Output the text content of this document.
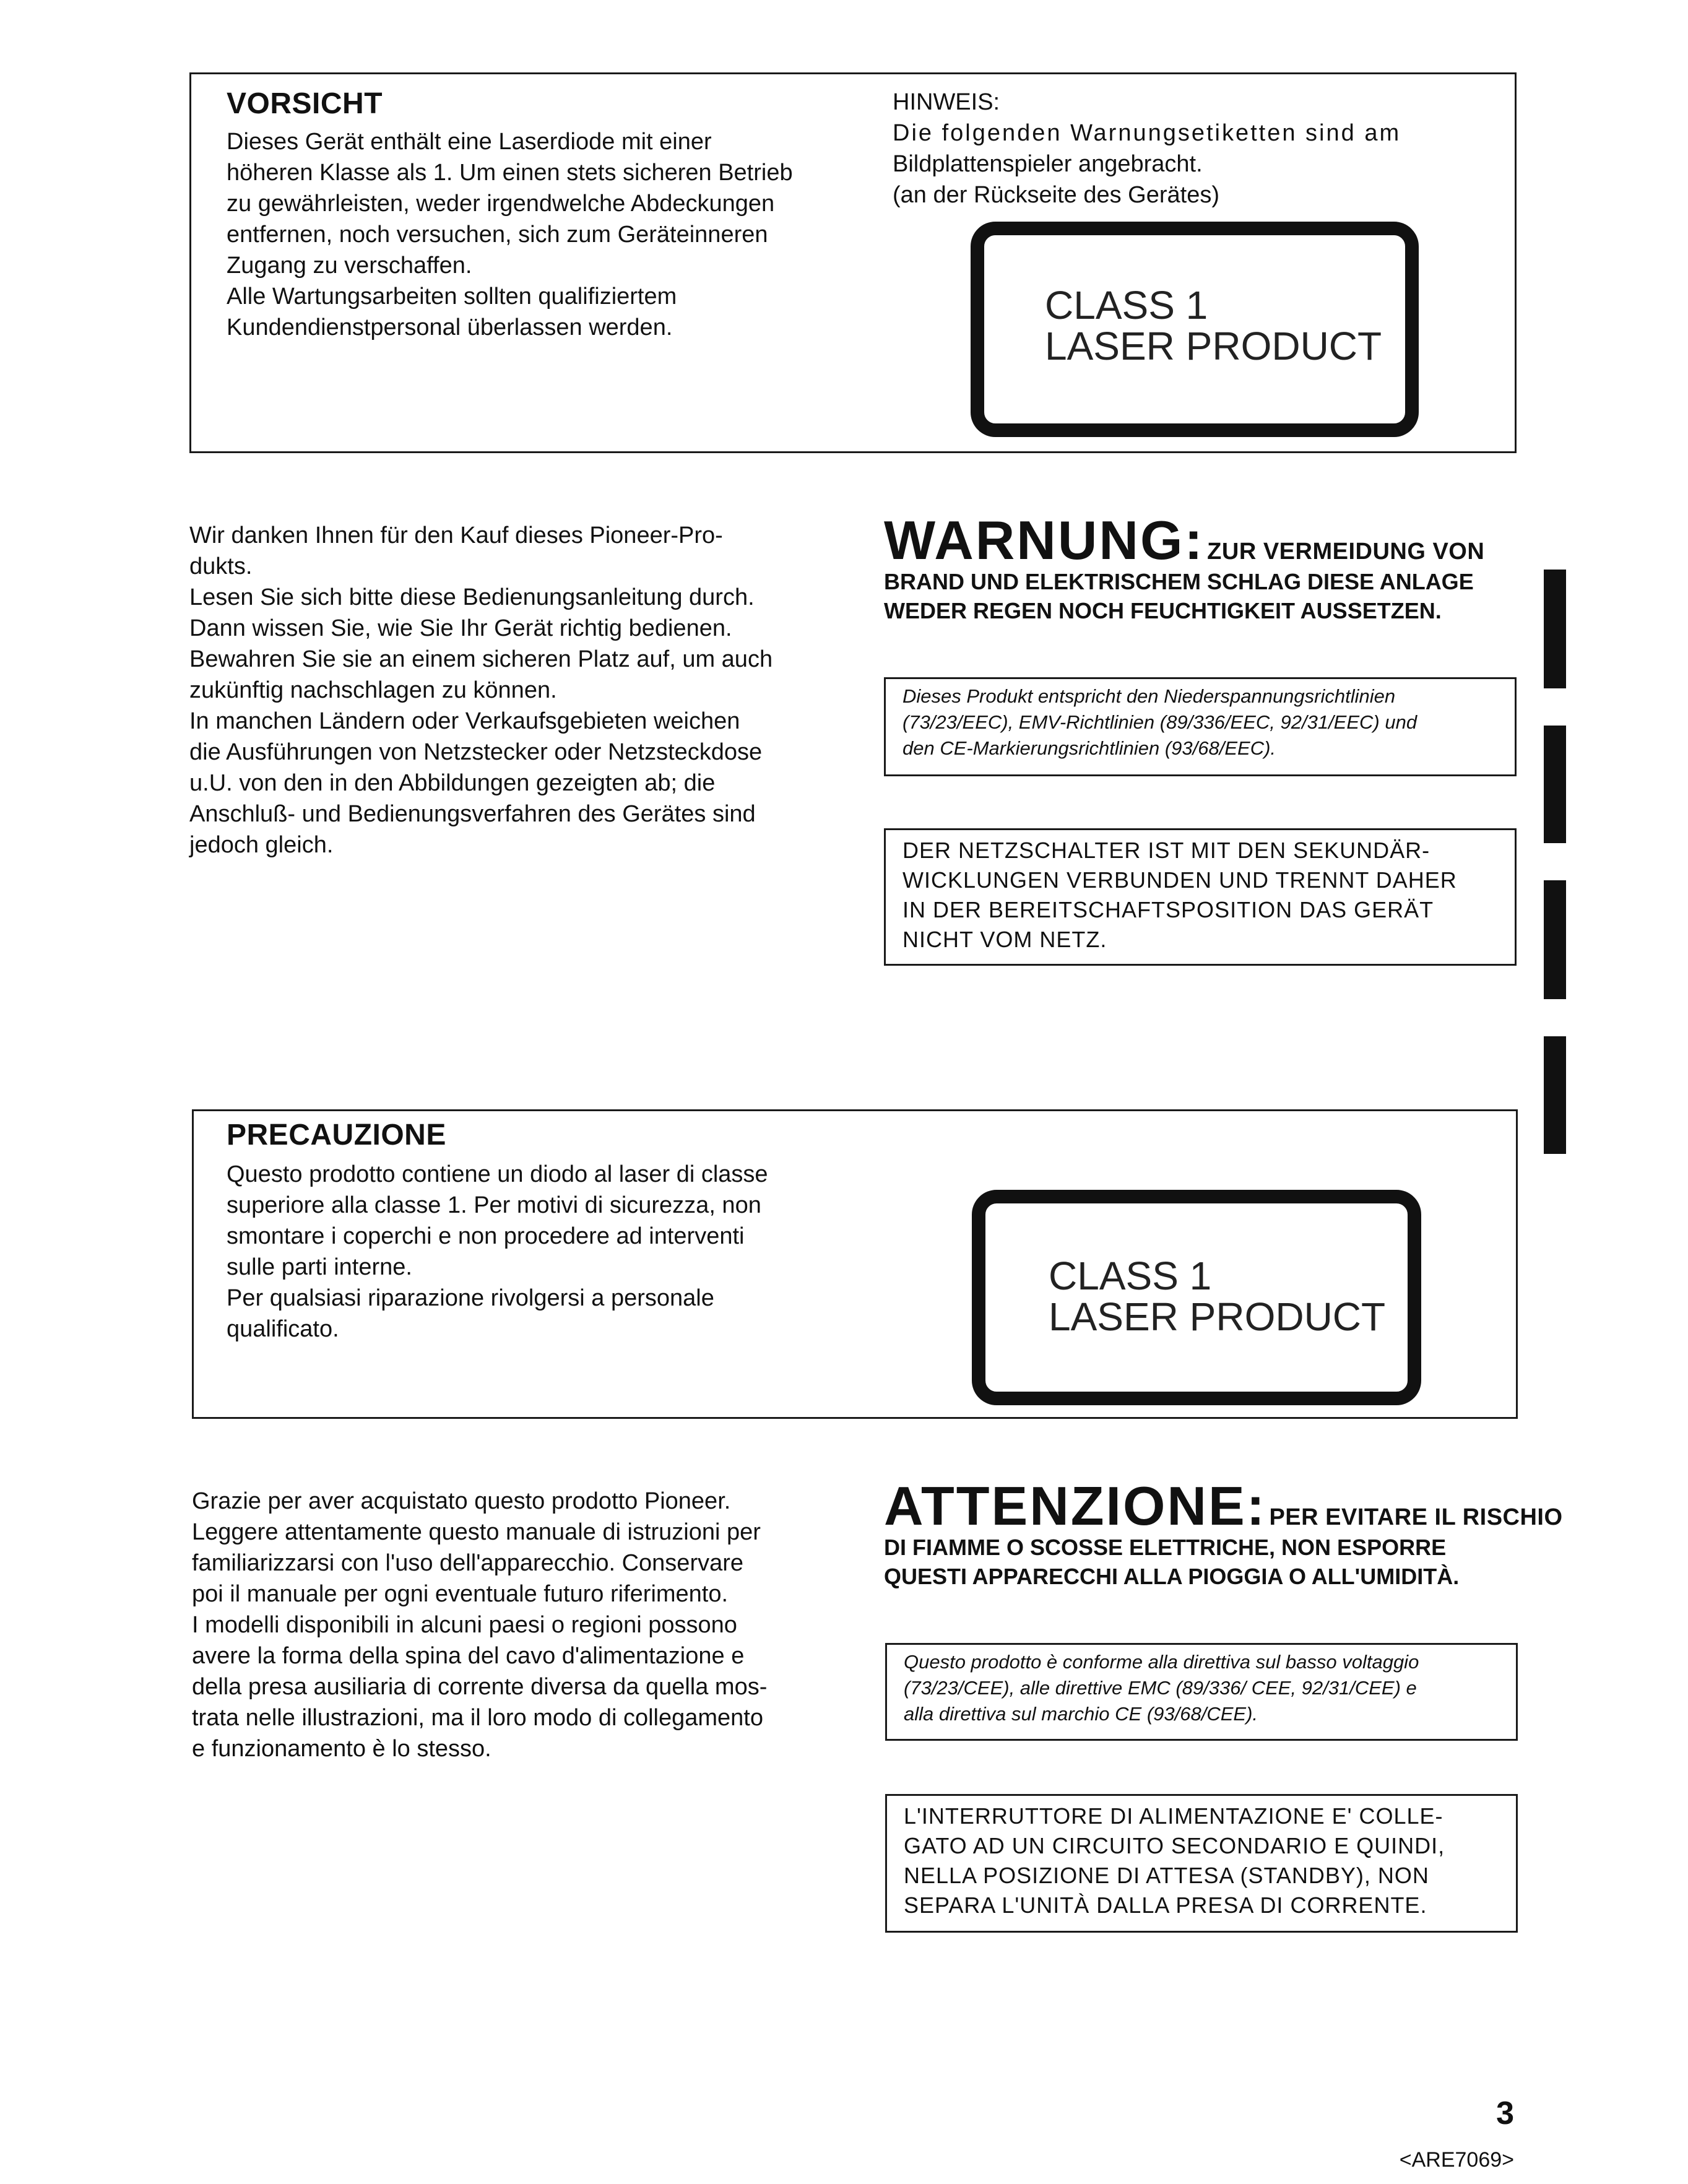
VORSICHT

Dieses Gerät enthält eine Laserdiode mit einer

höheren Klasse als 1. Um einen stets sicheren Betrieb

zu gewährleisten, weder irgendwelche Abdeckungen

entfernen, noch versuchen, sich zum Geräteinneren

Zugang zu verschaffen.

Alle Wartungsarbeiten sollten qualifiziertem

Kundendienstpersonal überlassen werden.

HINWEIS:

Die folgenden Warnungsetiketten sind am

Bildplattenspieler angebracht.

(an der Rückseite des Gerätes)

CLASS 1
LASER PRODUCT

Wir danken Ihnen für den Kauf dieses Pioneer-Pro-

dukts.

Lesen Sie sich bitte diese Bedienungsanleitung durch.

Dann wissen Sie, wie Sie Ihr Gerät richtig bedienen.

Bewahren Sie sie an einem sicheren Platz auf, um auch

zukünftig nachschlagen zu können.

In manchen Ländern oder Verkaufsgebieten weichen

die Ausführungen von Netzstecker oder Netzsteckdose

u.U. von den in den Abbildungen gezeigten ab; die

Anschluß- und Bedienungsverfahren des Gerätes sind

jedoch gleich.

WARNUNG: ZUR VERMEIDUNG VON
BRAND UND ELEKTRISCHEM SCHLAG DIESE ANLAGE
WEDER REGEN NOCH FEUCHTIGKEIT AUSSETZEN.
Dieses Produkt entspricht den Niederspannungsrichtlinien
(73/23/EEC), EMV-Richtlinien (89/336/EEC, 92/31/EEC) und
den CE-Markierungsrichtlinien (93/68/EEC).
DER NETZSCHALTER IST MIT DEN SEKUNDÄR-
WICKLUNGEN VERBUNDEN UND TRENNT DAHER
IN DER BEREITSCHAFTSPOSITION DAS GERÄT
NICHT VOM NETZ.
PRECAUZIONE

Questo prodotto contiene un diodo al laser di classe

superiore alla classe 1. Per motivi di sicurezza, non

smontare i coperchi e non procedere ad interventi

sulle parti interne.

Per qualsiasi riparazione rivolgersi a personale

qualificato.

CLASS 1
LASER PRODUCT

Grazie per aver acquistato questo prodotto Pioneer.

Leggere attentamente questo manuale di istruzioni per

familiarizzarsi con l'uso dell'apparecchio. Conservare

poi il manuale per ogni eventuale futuro riferimento.

I modelli disponibili in alcuni paesi o regioni possono

avere la forma della spina del cavo d'alimentazione e

della presa ausiliaria di corrente diversa da quella mos-

trata nelle illustrazioni, ma il loro modo di collegamento

e funzionamento è lo stesso.

ATTENZIONE: PER EVITARE IL RISCHIO
DI FIAMME O SCOSSE ELETTRICHE, NON ESPORRE
QUESTI APPARECCHI ALLA PIOGGIA O ALL'UMIDITÀ.
Questo prodotto è conforme alla direttiva sul basso voltaggio
(73/23/CEE), alle direttive EMC (89/336/ CEE, 92/31/CEE) e
alla direttiva sul marchio CE (93/68/CEE).
L'INTERRUTTORE DI ALIMENTAZIONE E' COLLE-
GATO AD UN CIRCUITO SECONDARIO E QUINDI,
NELLA POSIZIONE DI ATTESA (STANDBY), NON
SEPARA L'UNITÀ DALLA PRESA DI CORRENTE.
3
<ARE7069>
